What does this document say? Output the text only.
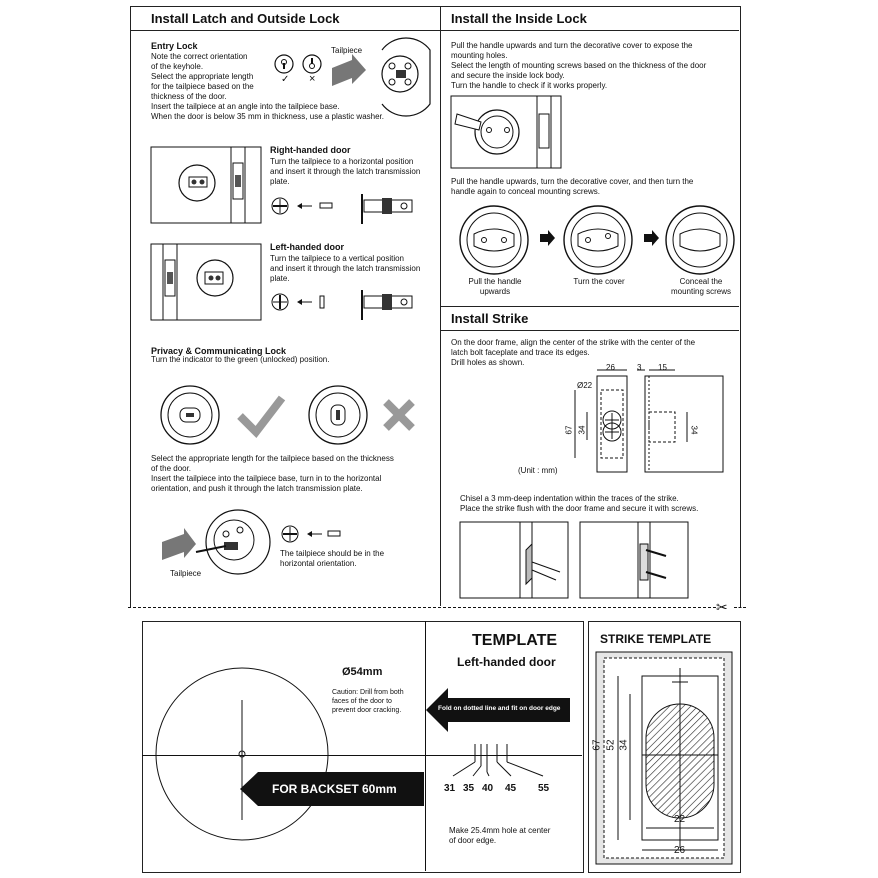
Install Latch and Outside Lock
Entry Lock
Note the correct orientation
of the keyhole.
Select the appropriate length
for the tailpiece based on the
thickness of the door.
Insert the tailpiece at an angle into the tailpiece base.
When the door is below 35 mm in thickness, use a plastic washer.
✓ ×
Tailpiece
Right-handed door
Turn the tailpiece to a horizontal position
and insert it through the latch transmission
plate.
Left-handed door
Turn the tailpiece to a vertical position
and insert it through the latch transmission
plate.
Privacy & Communicating Lock
Turn the indicator to the green (unlocked) position.
Select the appropriate length for the tailpiece based on the thickness
of the door.
Insert the tailpiece into the tailpiece base, turn in to the horizontal
orientation, and push it through the latch transmission plate.
Tailpiece
The tailpiece should be in the
horizontal orientation.
Install the Inside Lock
Pull the handle upwards and turn the decorative cover to expose the
mounting holes.
Select the length of mounting screws based on the thickness of the door
and secure the inside lock body.
Turn the handle to check if it works properly.
Pull the handle upwards, turn the decorative cover, and then turn the
handle again to conceal mounting screws.
Pull the handle
upwards
Turn the cover	Conceal the
mounting screws
Install Strike
On the door frame, align the center of the strike with the center of the
latch bolt faceplate and trace its edges.
Drill holes as shown.
26	3 15
Ø22
67 34	34
(Unit : mm)
Chisel a 3 mm-deep indentation within the traces of the strike.
Place the strike flush with the door frame and secure it with screws.
✂
TEMPLATE
Left-handed door
Ø54mm
Caution: Drill from both
faces of the door to
prevent door cracking.	Fold on dotted line and fit on door edge
FOR BACKSET 60mm	31 35 40 45 55
Make 25.4mm hole at center
of door edge.
STRIKE TEMPLATE
67 52 34
22
26
